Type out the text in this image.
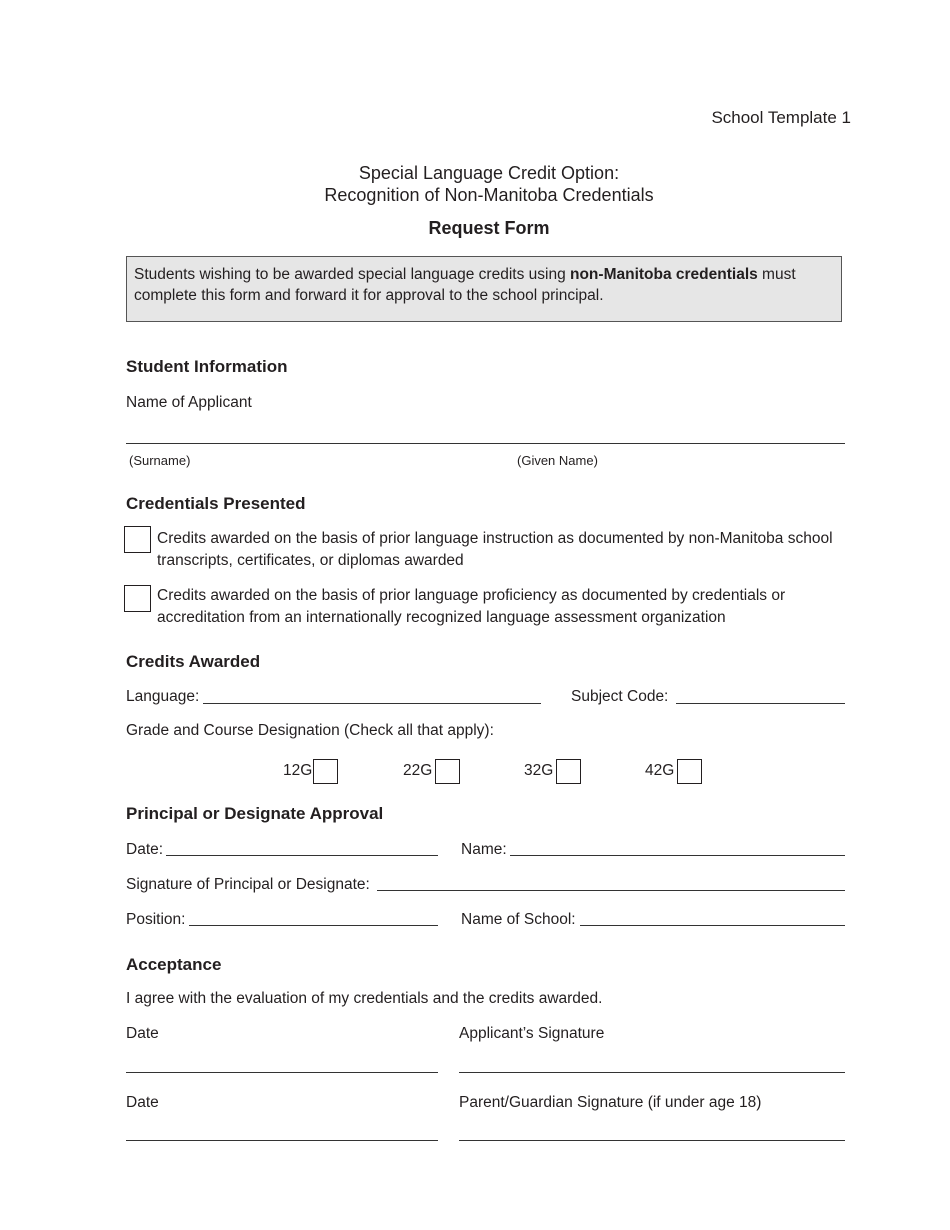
School Template 1
Special Language Credit Option:
Recognition of Non-Manitoba Credentials
Request Form
Students wishing to be awarded special language credits using non-Manitoba credentials must complete this form and forward it for approval to the school principal.
Student Information
Name of Applicant
(Surname)	(Given Name)
Credentials Presented
Credits awarded on the basis of prior language instruction as documented by non-Manitoba school transcripts, certificates, or diplomas awarded
Credits awarded on the basis of prior language proficiency as documented by credentials or accreditation from an internationally recognized language assessment organization
Credits Awarded
Language:	Subject Code:
Grade and Course Designation (Check all that apply):
12G	22G	32G	42G
Principal or Designate Approval
Date:	Name:
Signature of Principal or Designate:
Position:	Name of School:
Acceptance
I agree with the evaluation of my credentials and the credits awarded.
Date	Applicant’s Signature
Date	Parent/Guardian Signature (if under age 18)
